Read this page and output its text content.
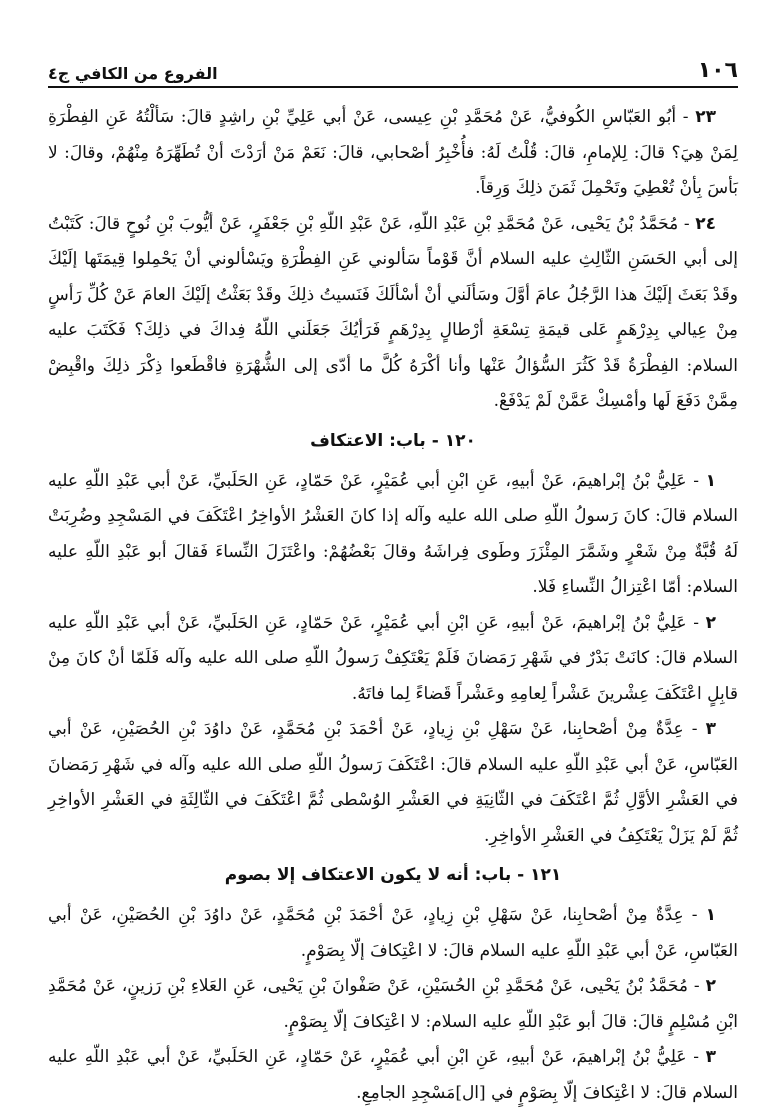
١٠٦
الفروع من الكافي ج٤

٢٣ - أبُو العَبّاسِ الكُوفيُّ، عَنْ مُحَمَّدِ بْنِ عِيسى، عَنْ أبي عَلِيِّ بْنِ راشِدٍ قالَ: سَألْتُهُ عَنِ الفِطْرَةِ لِمَنْ هِيَ؟ قالَ: لِلإمامِ، قالَ: قُلْتُ لَهُ: فأُخْبِرُ أصْحابي، قالَ: نَعَمْ مَنْ أرَدْتَ أنْ تُطَهِّرَهُ مِنْهُمْ، وقالَ: لا بَأسَ بِأنْ تُعْطِيَ وتَحْمِلَ ثَمَنَ ذلِكَ وَرِقاً.

٢٤ - مُحَمَّدُ بْنُ يَحْيى، عَنْ مُحَمَّدِ بْنِ عَبْدِ اللّهِ، عَنْ عَبْدِ اللّهِ بْنِ جَعْفَرٍ، عَنْ أيُّوبَ بْنِ نُوحٍ قالَ: كَتَبْتُ إلى أبي الحَسَنِ الثّالِثِ عليه السلام أنَّ قَوْماً سَألوني عَنِ الفِطْرَةِ ويَسْألوني أنْ يَحْمِلوا قِيمَتَها إلَيْكَ وقَدْ بَعَثَ إلَيْكَ هذا الرَّجُلُ عامَ أوَّلَ وسَألَني أنْ أسْألَكَ فَنَسيتُ ذلِكَ وقَدْ بَعَثْتُ إلَيْكَ العامَ عَنْ كُلِّ رَأسٍ مِنْ عِيالي بِدِرْهَمٍ عَلى قيمَةِ تِسْعَةِ أرْطالٍ بِدِرْهَمٍ فَرَأيُكَ جَعَلَني اللّهُ فِداكَ في ذلِكَ؟ فَكَتَبَ عليه السلام: الفِطْرَةُ قَدْ كَثُرَ السُّؤالُ عَنْها وأنا أكْرَهُ كُلَّ ما أدّى إلى الشُّهْرَةِ فاقْطَعوا ذِكْرَ ذلِكَ واقْبِضْ مِمَّنْ دَفَعَ لَها وأمْسِكْ عَمَّنْ لَمْ يَدْفَعْ.

١٢٠ - باب: الاعتكاف

١ - عَلِيُّ بْنُ إبْراهيمَ، عَنْ أبيهِ، عَنِ ابْنِ أبي عُمَيْرٍ، عَنْ حَمّادٍ، عَنِ الحَلَبيِّ، عَنْ أبي عَبْدِ اللّهِ عليه السلام قالَ: كانَ رَسولُ اللّهِ صلى الله عليه وآله إذا كانَ العَشْرُ الأواخِرُ اعْتَكَفَ في المَسْجِدِ وضُرِبَتْ لَهُ قُبَّةٌ مِنْ شَعْرٍ وشَمَّرَ المِئْزَرَ وطَوى فِراشَهُ وقالَ بَعْضُهُمْ: واعْتَزَلَ النِّساءَ فَقالَ أبو عَبْدِ اللّهِ عليه السلام: أمّا اعْتِزالُ النِّساءِ فَلا.

٢ - عَلِيُّ بْنُ إبْراهيمَ، عَنْ أبيهِ، عَنِ ابْنِ أبي عُمَيْرٍ، عَنْ حَمّادٍ، عَنِ الحَلَبيِّ، عَنْ أبي عَبْدِ اللّهِ عليه السلام قالَ: كانَتْ بَدْرٌ في شَهْرِ رَمَضانَ فَلَمْ يَعْتَكِفْ رَسولُ اللّهِ صلى الله عليه وآله فَلَمّا أنْ كانَ مِنْ قابِلٍ اعْتَكَفَ عِشْرينَ عَشْراً لِعامِهِ وعَشْراً قَضاءً لِما فاتَهُ.

٣ - عِدَّةٌ مِنْ أصْحابِنا، عَنْ سَهْلِ بْنِ زِيادٍ، عَنْ أحْمَدَ بْنِ مُحَمَّدٍ، عَنْ داوُدَ بْنِ الحُصَيْنِ، عَنْ أبي العَبّاسِ، عَنْ أبي عَبْدِ اللّهِ عليه السلام قالَ: اعْتَكَفَ رَسولُ اللّهِ صلى الله عليه وآله في شَهْرِ رَمَضانَ في العَشْرِ الأوَّلِ ثُمَّ اعْتَكَفَ في الثّانِيَةِ في العَشْرِ الوُسْطى ثُمَّ اعْتَكَفَ في الثّالِثَةِ في العَشْرِ الأواخِرِ ثُمَّ لَمْ يَزَلْ يَعْتَكِفُ في العَشْرِ الأواخِرِ.

١٢١ - باب: أنه لا يكون الاعتكاف إلا بصوم

١ - عِدَّةٌ مِنْ أصْحابِنا، عَنْ سَهْلِ بْنِ زِيادٍ، عَنْ أحْمَدَ بْنِ مُحَمَّدٍ، عَنْ داوُدَ بْنِ الحُصَيْنِ، عَنْ أبي العَبّاسِ، عَنْ أبي عَبْدِ اللّهِ عليه السلام قالَ: لا اعْتِكافَ إلّا بِصَوْمٍ.

٢ - مُحَمَّدُ بْنُ يَحْيى، عَنْ مُحَمَّدِ بْنِ الحُسَيْنِ، عَنْ صَفْوانَ بْنِ يَحْيى، عَنِ العَلاءِ بْنِ رَزينٍ، عَنْ مُحَمَّدِ ابْنِ مُسْلِمٍ قالَ: قالَ أبو عَبْدِ اللّهِ عليه السلام: لا اعْتِكافَ إلّا بِصَوْمٍ.

٣ - عَلِيُّ بْنُ إبْراهيمَ، عَنْ أبيهِ، عَنِ ابْنِ أبي عُمَيْرٍ، عَنْ حَمّادٍ، عَنِ الحَلَبيِّ، عَنْ أبي عَبْدِ اللّهِ عليه السلام قالَ: لا اعْتِكافَ إلّا بِصَوْمٍ في [ال]مَسْجِدِ الجامِعِ.
